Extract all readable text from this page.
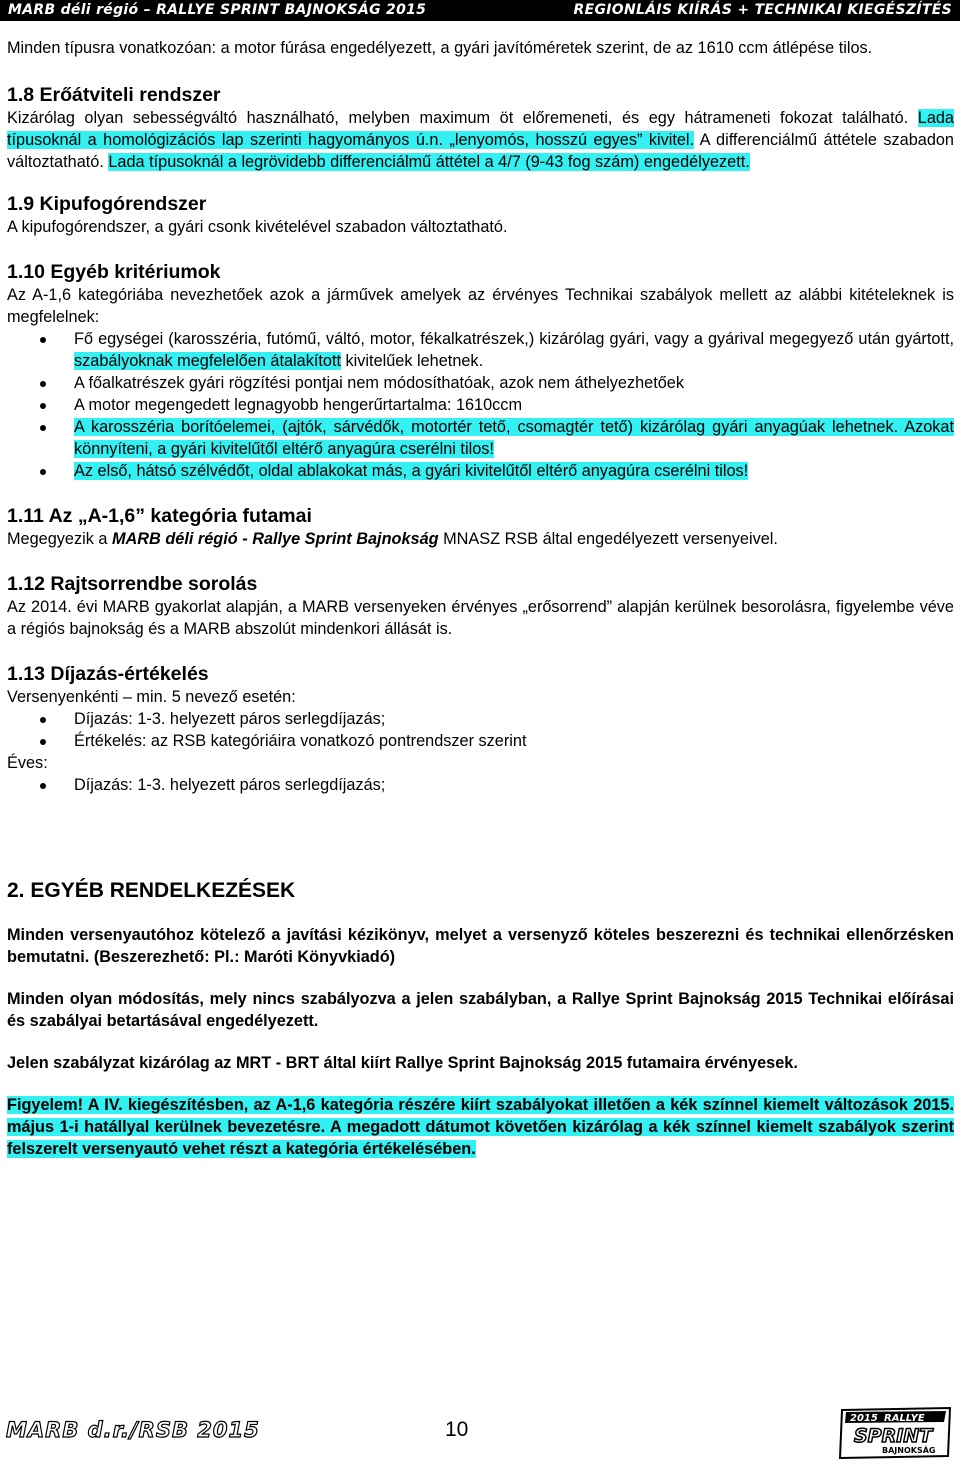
MARB déli régió – RALLYE SPRINT BAJNOKSÁG 2015	REGIONLÁIS KIÍRÁS + TECHNIKAI KIEGÉSZÍTÉS

Minden típusra vonatkozóan: a motor fúrása engedélyezett, a gyári javítóméretek szerint, de az 1610 ccm átlépése tilos.

1.8 Erőátviteli rendszer

Kizárólag olyan sebességváltó használható, melyben maximum öt előremeneti, és egy hátrameneti fokozat található. Lada típusoknál a homológizációs lap szerinti hagyományos ú.n. „lenyomós, hosszú egyes” kivitel. A differenciálmű áttétele szabadon változtatható. Lada típusoknál a legrövidebb differenciálmű áttétel a 4/7 (9-43 fog szám) engedélyezett.

1.9 Kipufogórendszer

A kipufogórendszer, a gyári csonk kivételével szabadon változtatható.

1.10 Egyéb kritériumok

Az A-1,6 kategóriába nevezhetőek azok a járművek amelyek az érvényes Technikai szabályok mellett az alábbi kitételeknek is megfelelnek:

Fő egységei (karosszéria, futómű, váltó, motor, fékalkatrészek,) kizárólag gyári, vagy a gyárival megegyező után gyártott, szabályoknak megfelelően átalakított kivitelűek lehetnek.
A főalkatrészek gyári rögzítési pontjai nem módosíthatóak, azok nem áthelyezhetőek
A motor megengedett legnagyobb hengerűrtartalma: 1610ccm
A karosszéria borítóelemei, (ajtók, sárvédők, motortér tető, csomagtér tető) kizárólag gyári anyagúak lehetnek. Azokat könnyíteni, a gyári kivitelűtől eltérő anyagúra cserélni tilos!
Az első, hátsó szélvédőt, oldal ablakokat más, a gyári kivitelűtől eltérő anyagúra cserélni tilos!
1.11 Az „A-1,6” kategória futamai

Megegyezik a MARB déli régió - Rallye Sprint Bajnokság MNASZ RSB által engedélyezett versenyeivel.

1.12 Rajtsorrendbe sorolás

Az 2014. évi MARB gyakorlat alapján, a MARB versenyeken érvényes „erősorrend” alapján kerülnek besorolásra, figyelembe véve a régiós bajnokság és a MARB abszolút mindenkori állását is.

1.13 Díjazás-értékelés

Versenyenkénti – min. 5 nevező esetén:

Díjazás: 1-3. helyezett páros serlegdíjazás;
Értékelés: az RSB kategóriáira vonatkozó pontrendszer szerint

Éves:

Díjazás: 1-3. helyezett páros serlegdíjazás;
2. EGYÉB RENDELKEZÉSEK

Minden versenyautóhoz kötelező a javítási kézikönyv, melyet a versenyző köteles beszerezni és technikai ellenőrzésken bemutatni. (Beszerezhető: Pl.: Maróti Könyvkiadó)

Minden olyan módosítás, mely nincs szabályozva a jelen szabályban, a Rallye Sprint Bajnokság 2015 Technikai előírásai és szabályai betartásával engedélyezett.

Jelen szabályzat kizárólag az MRT - BRT által kiírt Rallye Sprint Bajnokság 2015 futamaira érvényesek.

Figyelem! A IV. kiegészítésben, az A-1,6 kategória részére kiírt szabályokat illetően a kék színnel kiemelt változások 2015. május 1-i hatállyal kerülnek bevezetésre. A megadott dátumot követően kizárólag a kék színnel kiemelt szabályok szerint felszerelt versenyautó vehet részt a kategória értékelésében.

MARB d.r./RSB 2015	10	2015 RALLYE
SPRINT
BAJNOKSÁG
